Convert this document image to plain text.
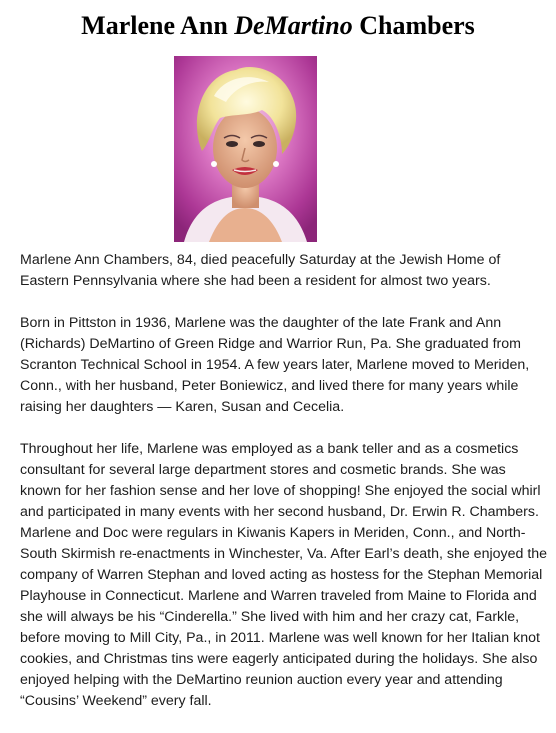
Marlene Ann DeMartino Chambers

Marlene Ann Chambers, 84, died peacefully Saturday at the Jewish Home of Eastern Pennsylvania where she had been a resident for almost two years.

Born in Pittston in 1936, Marlene was the daughter of the late Frank and Ann (Richards) DeMartino of Green Ridge and Warrior Run, Pa. She graduated from Scranton Technical School in 1954. A few years later, Marlene moved to Meriden, Conn., with her husband, Peter Boniewicz, and lived there for many years while raising her daughters — Karen, Susan and Cecelia.

Throughout her life, Marlene was employed as a bank teller and as a cosmetics consultant for several large department stores and cosmetic brands. She was known for her fashion sense and her love of shopping! She enjoyed the social whirl and participated in many events with her second husband, Dr. Erwin R. Chambers. Marlene and Doc were regulars in Kiwanis Kapers in Meriden, Conn., and North-South Skirmish re-enactments in Winchester, Va. After Earl’s death, she enjoyed the company of Warren Stephan and loved acting as hostess for the Stephan Memorial Playhouse in Connecticut. Marlene and Warren traveled from Maine to Florida and she will always be his “Cinderella.” She lived with him and her crazy cat, Farkle, before moving to Mill City, Pa., in 2011. Marlene was well known for her Italian knot cookies, and Christmas tins were eagerly anticipated during the holidays. She also enjoyed helping with the DeMartino reunion auction every year and attending “Cousins’ Weekend” every fall.
